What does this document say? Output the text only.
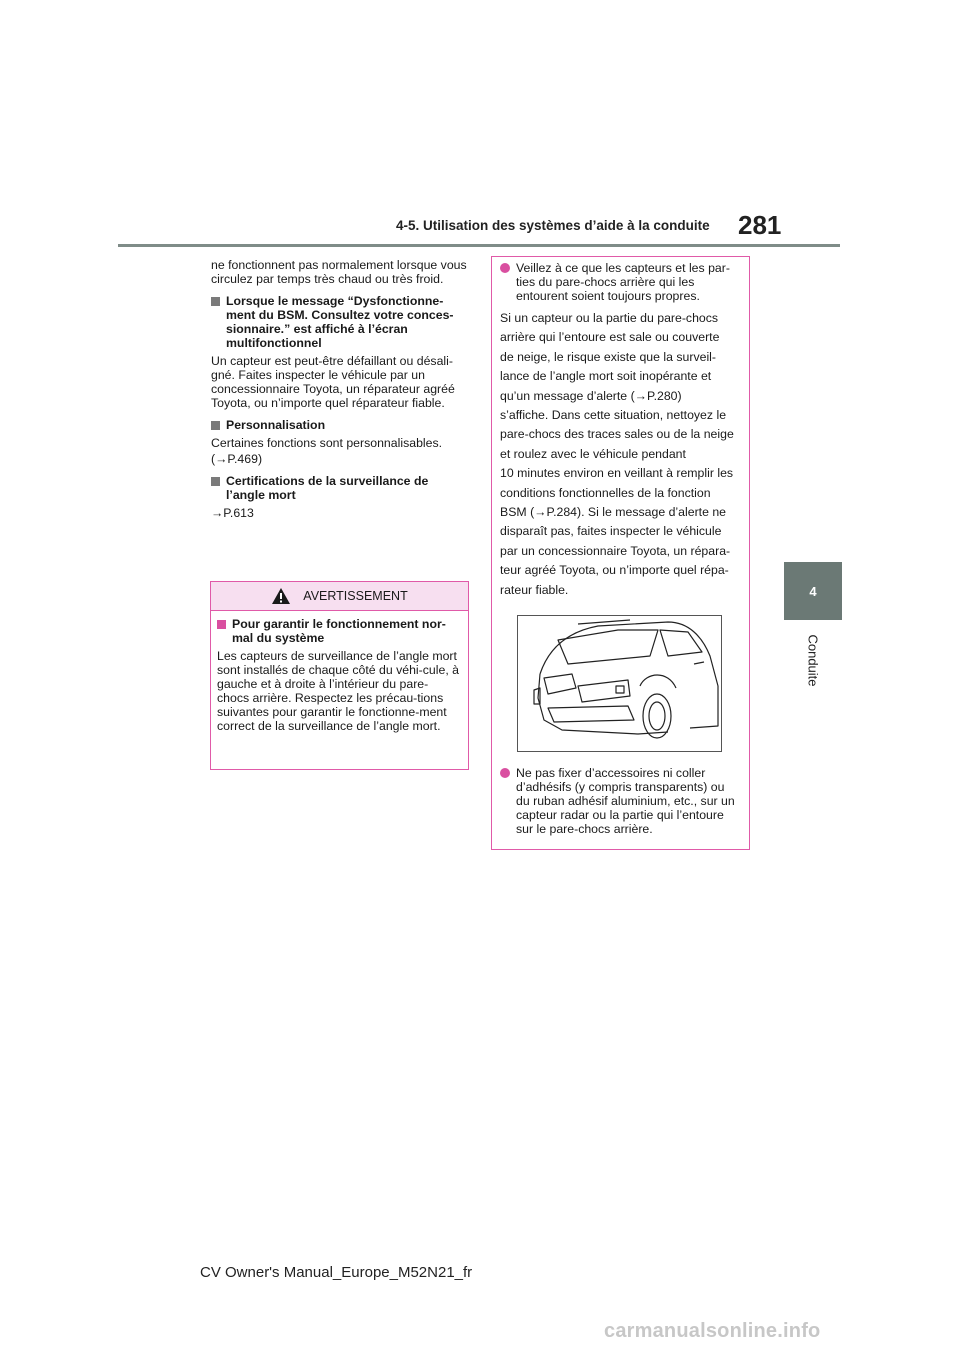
4-5. Utilisation des systèmes d’aide à la conduite 281
4
Conduite

ne fonctionnent pas normalement lorsque vous circulez par temps très chaud ou très froid.

Lorsque le message “Dysfonctionne-ment du BSM. Consultez votre conces-sionnaire.” est affiché à l’écran multifonctionnel

Un capteur est peut-être défaillant ou désali-gné. Faites inspecter le véhicule par un concessionnaire Toyota, un réparateur agréé Toyota, ou n’importe quel réparateur fiable.

Personnalisation

Certaines fonctions sont personnalisables.

(→P.469)

Certifications de la surveillance de l’angle mort

→P.613

AVERTISSEMENT
Pour garantir le fonctionnement nor-mal du système

Les capteurs de surveillance de l’angle mort sont installés de chaque côté du véhi-cule, à gauche et à droite à l’intérieur du pare-chocs arrière. Respectez les précau-tions suivantes pour garantir le fonctionne-ment correct de la surveillance de l’angle mort.

Veillez à ce que les capteurs et les par-ties du pare-chocs arrière qui les entourent soient toujours propres.

Si un capteur ou la partie du pare-chocs

arrière qui l’entoure est sale ou couverte

de neige, le risque existe que la surveil-

lance de l’angle mort soit inopérante et

qu’un message d’alerte (→P.280)

s’affiche. Dans cette situation, nettoyez le

pare-chocs des traces sales ou de la neige

et roulez avec le véhicule pendant

10 minutes environ en veillant à remplir les

conditions fonctionnelles de la fonction

BSM (→P.284). Si le message d’alerte ne

disparaît pas, faites inspecter le véhicule

par un concessionnaire Toyota, un répara-

teur agréé Toyota, ou n’importe quel répa-

rateur fiable.

Ne pas fixer d’accessoires ni coller d’adhésifs (y compris transparents) ou du ruban adhésif aluminium, etc., sur un capteur radar ou la partie qui l’entoure sur le pare-chocs arrière.
CV Owner's Manual_Europe_M52N21_fr
carmanualsonline.info
